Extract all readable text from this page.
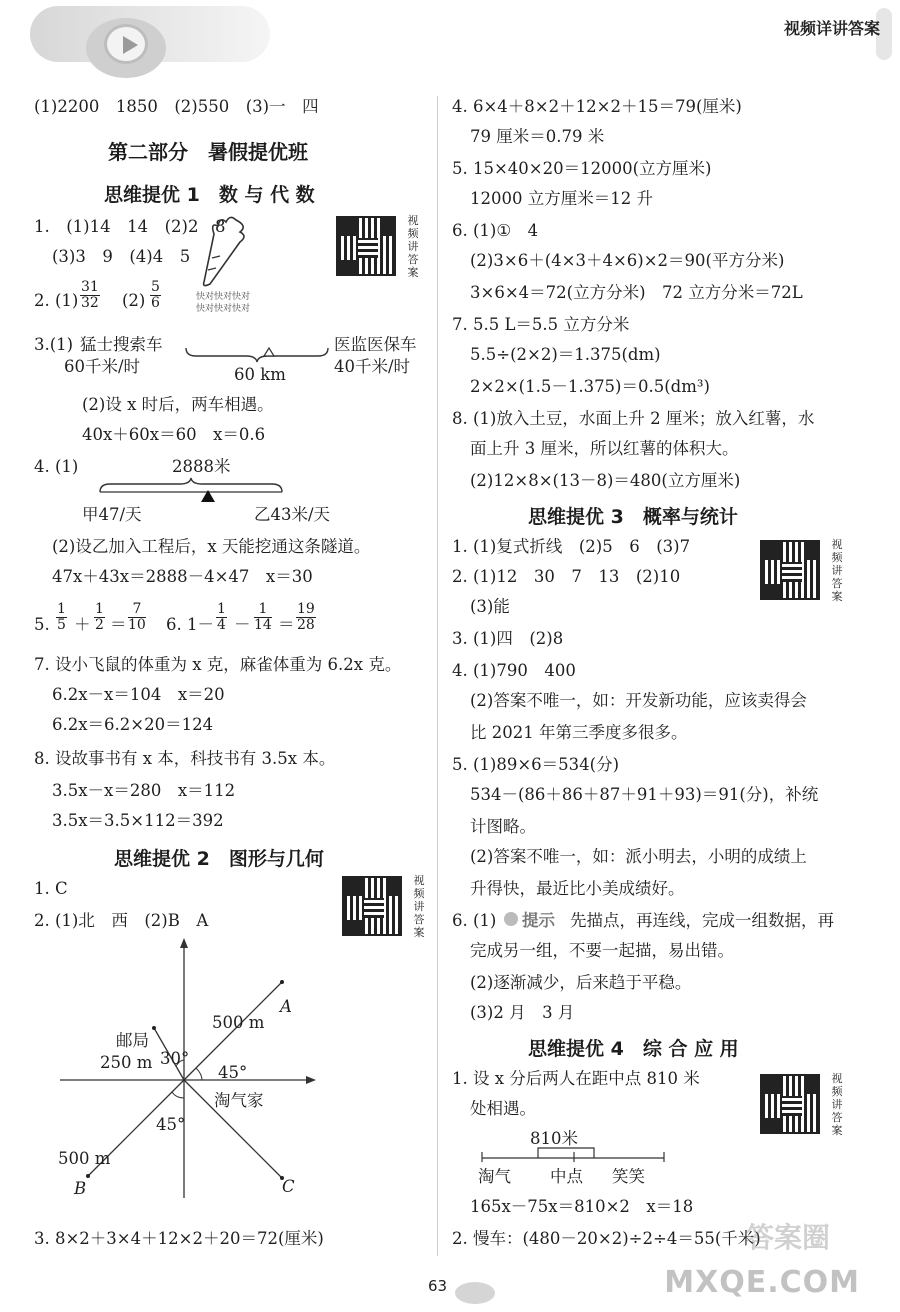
视频详讲答案
(1)2200　1850　(2)550　(3)一　四
第二部分　暑假提优班
思维提优 1　数 与 代 数
1.　(1)14　14　(2)2　8
(3)3　9　(4)4　5
视
频
讲
答
案
2. $(1) \frac{31}{32} (2) \frac{5}{6}$	快对快对快对
快对快对快对
3.(1) 猛士搜索车	医监医保车
60千米/时	40千米/时
60 km
(2)设 x 时后，两车相遇。
40x＋60x＝60　x＝0.6
4. (1)	2888米
甲47/天	乙43米/天
(2)设乙加入工程后，x 天能挖通这条隧道。
47x＋43x＝2888－4×47　x＝30
5. $\frac{1}{5} + \frac{1}{2} = \frac{7}{10} 6$. $1- \frac{1}{4} - \frac{1}{14} = \frac{19}{28}$
7. 设小飞鼠的体重为 x 克，麻雀体重为 6.2x 克。
6.2x－x＝104　x＝20
6.2x＝6.2×20＝124
8. 设故事书有 x 本，科技书有 3.5x 本。
3.5x－x＝280　x＝112
3.5x＝3.5×112＝392
思维提优 2　图形与几何
1. C
2. (1)北　西　(2)B　A
视
频
讲
答
案
500 m
A
邮局
250 m 30°
45°
淘气家
45°
500 m
B	C
3. 8×2＋3×4＋12×2＋20＝72(厘米)
4. 6×4＋8×2＋12×2＋15＝79(厘米)
79 厘米＝0.79 米
5. 15×40×20＝12000(立方厘米)
12000 立方厘米＝12 升
6. (1)①　4
(2)3×6＋(4×3＋4×6)×2＝90(平方分米)
3×6×4＝72(立方分米)　72 立方分米＝72L
7. 5.5 L＝5.5 立方分米
5.5÷(2×2)＝1.375(dm)
2×2×(1.5－1.375)＝0.5(dm³)
8. (1)放入土豆，水面上升 2 厘米；放入红薯，水
面上升 3 厘米，所以红薯的体积大。
(2)12×8×(13－8)＝480(立方厘米)
思维提优 3　概率与统计
1. (1)复式折线　(2)5　6　(3)7
2. (1)12　30　7　13　(2)10
(3)能
视
频
讲
答
案
3. (1)四　(2)8
4. (1)790　400
(2)答案不唯一，如：开发新功能，应该卖得会
比 2021 年第三季度多很多。
5. (1)89×6＝534(分)
534－(86＋86＋87＋91＋93)＝91(分)，补统
计图略。
(2)答案不唯一，如：派小明去，小明的成绩上
升得快，最近比小美成绩好。
6. (1) 提示 先描点，再连线，完成一组数据，再
完成另一组，不要一起描，易出错。
(2)逐渐减少，后来趋于平稳。
(3)2 月　3 月
思维提优 4　综 合 应 用
1. 设 x 分后两人在距中点 810 米
处相遇。
视
频
讲
答
案
810米
淘气 中点 笑笑
165x－75x＝810×2　x＝18
2. 慢车：(480－20×2)÷2÷4＝55(千米)
63
答案圈
MXQE.COM
